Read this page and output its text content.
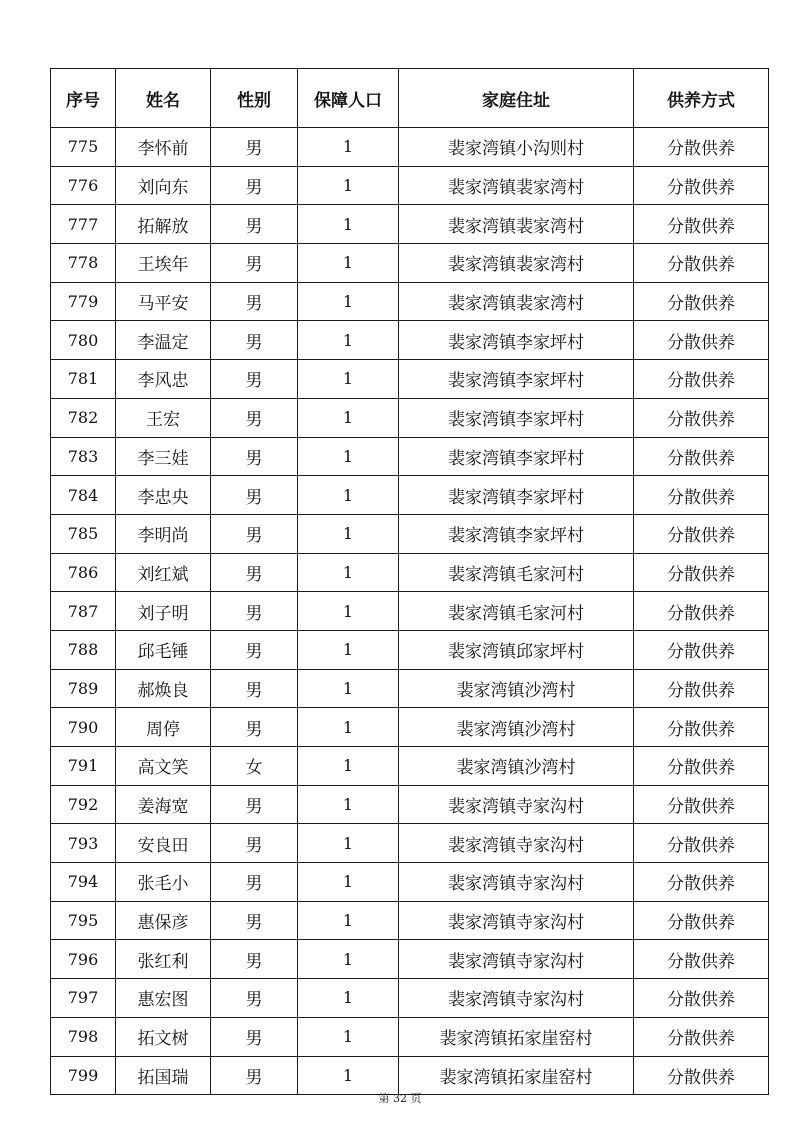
序号	姓名	性别	保障人口	家庭住址	供养方式
775	李怀前	男	1	裴家湾镇小沟则村	分散供养
776	刘向东	男	1	裴家湾镇裴家湾村	分散供养
777	拓解放	男	1	裴家湾镇裴家湾村	分散供养
778	王埃年	男	1	裴家湾镇裴家湾村	分散供养
779	马平安	男	1	裴家湾镇裴家湾村	分散供养
780	李温定	男	1	裴家湾镇李家坪村	分散供养
781	李风忠	男	1	裴家湾镇李家坪村	分散供养
782	王宏	男	1	裴家湾镇李家坪村	分散供养
783	李三娃	男	1	裴家湾镇李家坪村	分散供养
784	李忠央	男	1	裴家湾镇李家坪村	分散供养
785	李明尚	男	1	裴家湾镇李家坪村	分散供养
786	刘红斌	男	1	裴家湾镇毛家河村	分散供养
787	刘子明	男	1	裴家湾镇毛家河村	分散供养
788	邱毛锤	男	1	裴家湾镇邱家坪村	分散供养
789	郝焕良	男	1	裴家湾镇沙湾村	分散供养
790	周停	男	1	裴家湾镇沙湾村	分散供养
791	高文笑	女	1	裴家湾镇沙湾村	分散供养
792	姜海宽	男	1	裴家湾镇寺家沟村	分散供养
793	安良田	男	1	裴家湾镇寺家沟村	分散供养
794	张毛小	男	1	裴家湾镇寺家沟村	分散供养
795	惠保彦	男	1	裴家湾镇寺家沟村	分散供养
796	张红利	男	1	裴家湾镇寺家沟村	分散供养
797	惠宏图	男	1	裴家湾镇寺家沟村	分散供养
798	拓文树	男	1	裴家湾镇拓家崖窑村	分散供养
799	拓国瑞	男	1	裴家湾镇拓家崖窑村	分散供养
第 32 页
